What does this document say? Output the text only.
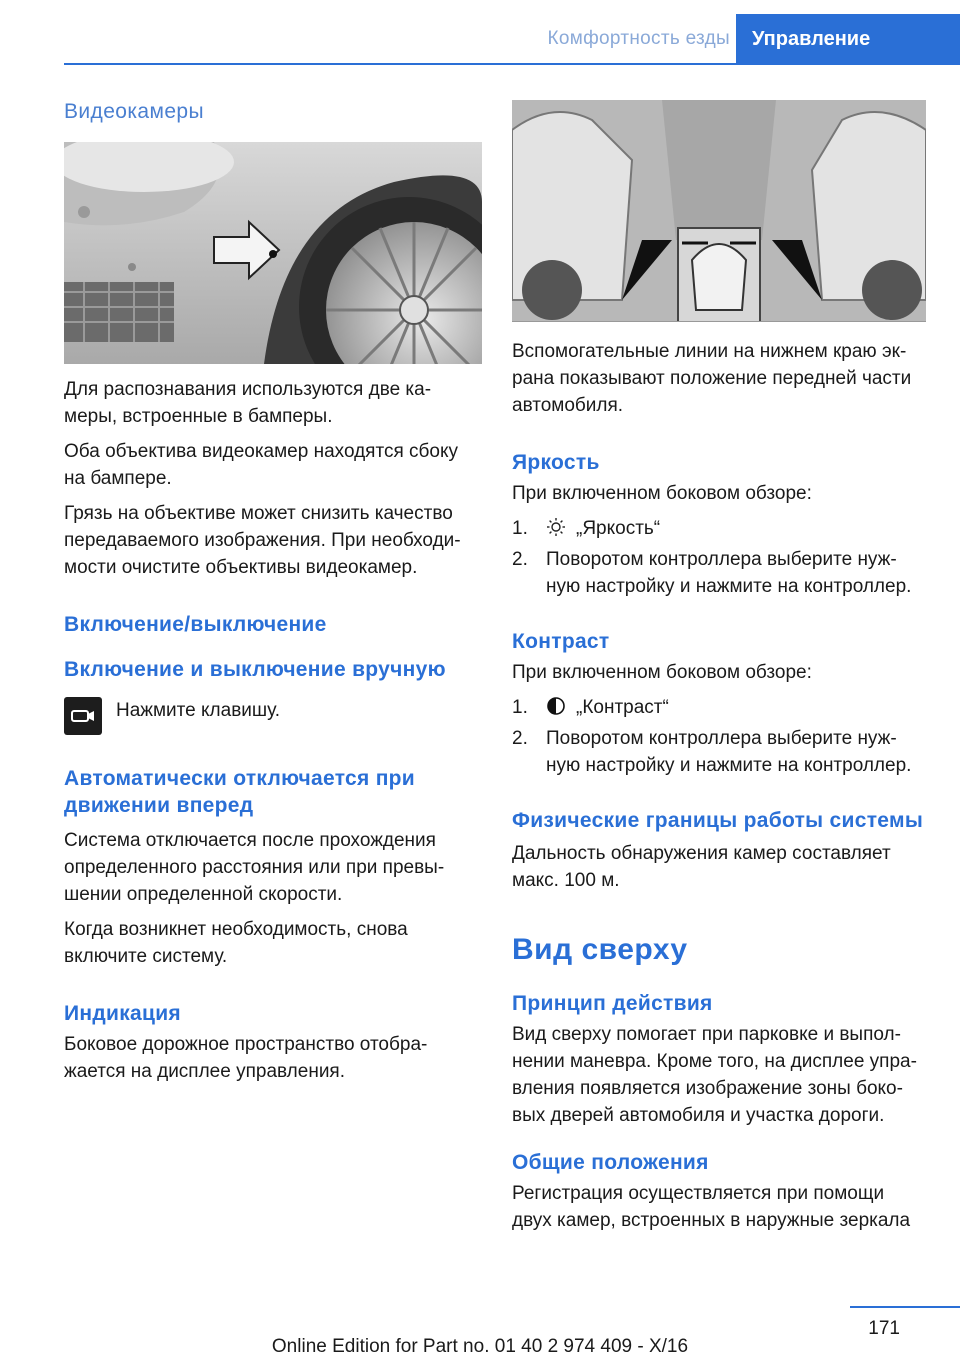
Комфортность езды	Управление
Видеокамеры

Для распознавания используются две ка‐меры, встроенные в бамперы.

Оба объектива видеокамер находятся сбоку на бампере.

Грязь на объективе может снизить качество передаваемого изображения. При необходи‐мости очистите объективы видеокамер.

Включение/выключение
Включение и выключение вручную

Нажмите клавишу.

Автоматически отключается при движении вперед

Система отключается после прохождения определенного расстояния или при превы‐шении определенной скорости.

Когда возникнет необходимость, снова включите систему.

Индикация

Боковое дорожное пространство отобра‐жается на дисплее управления.

Вспомогательные линии на нижнем краю эк‐рана показывают положение передней части автомобиля.

Яркость

При включенном боковом обзоре:

1.	„Яркость“
2. Поворотом контроллера выберите нуж‐ную настройку и нажмите на контроллер.
Контраст

При включенном боковом обзоре:

1.	„Контраст“
2. Поворотом контроллера выберите нуж‐ную настройку и нажмите на контроллер.
Физические границы работы системы

Дальность обнаружения камер составляет макс. 100 м.

Вид сверху
Принцип действия

Вид сверху помогает при парковке и выпол‐нении маневра. Кроме того, на дисплее упра‐вления появляется изображение зоны боко‐вых дверей автомобиля и участка дороги.

Общие положения

Регистрация осуществляется при помощи двух камер, встроенных в наружные зеркала

171
Online Edition for Part no. 01 40 2 974 409 - X/16
